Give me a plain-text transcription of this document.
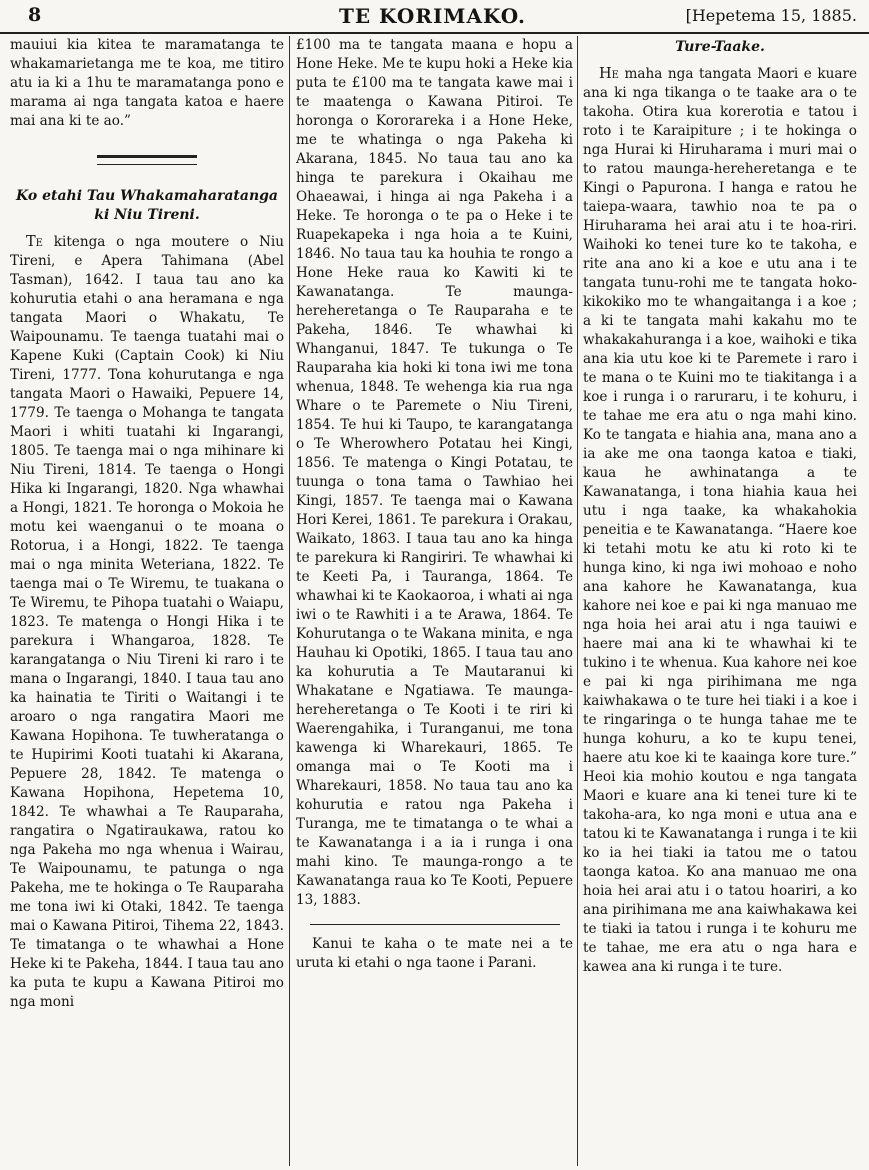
8	TE KORIMAKO.	[Hepetema 15, 1885.

mauiui kia kitea te maramatanga te whakamarietanga me te koa, me titiro atu ia ki a 1hu te maramatanga pono e marama ai nga tangata katoa e haere mai ana ki te ao.”

Ko etahi Tau Whakamaharatanga ki Niu Tireni.

Te kitenga o nga moutere o Niu Tireni, e Apera Tahimana (Abel Tasman), 1642. I taua tau ano ka kohurutia etahi o ana heramana e nga tangata Maori o Whakatu, Te Waipounamu. Te taenga tuatahi mai o Kapene Kuki (Captain Cook) ki Niu Tireni, 1777. Tona kohurutanga e nga tangata Maori o Hawaiki, Pepuere 14, 1779. Te taenga o Mohanga te tangata Maori i whiti tuatahi ki Ingarangi, 1805. Te taenga mai o nga mihinare ki Niu Tireni, 1814. Te taenga o Hongi Hika ki Ingarangi, 1820. Nga whawhai a Hongi, 1821. Te horonga o Mokoia he motu kei waenganui o te moana o Rotorua, i a Hongi, 1822. Te taenga mai o nga minita Weteriana, 1822. Te taenga mai o Te Wiremu, te tuakana o Te Wiremu, te Pihopa tuatahi o Waiapu, 1823. Te matenga o Hongi Hika i te parekura i Whangaroa, 1828. Te karangatanga o Niu Tireni ki raro i te mana o Ingarangi, 1840. I taua tau ano ka hainatia te Tiriti o Waitangi i te aroaro o nga rangatira Maori me Kawana Hopihona. Te tuwheratanga o te Hupirimi Kooti tuatahi ki Akarana, Pepuere 28, 1842. Te matenga o Kawana Hopihona, Hepetema 10, 1842. Te whawhai a Te Rauparaha, rangatira o Ngatiraukawa, ratou ko nga Pakeha mo nga whenua i Wairau, Te Waipounamu, te patunga o nga Pakeha, me te hokinga o Te Rauparaha me tona iwi ki Otaki, 1842. Te taenga mai o Kawana Pitiroi, Tihema 22, 1843. Te timatanga o te whawhai a Hone Heke ki te Pakeha, 1844. I taua tau ano ka puta te kupu a Kawana Pitiroi mo nga moni

£100 ma te tangata maana e hopu a Hone Heke. Me te kupu hoki a Heke kia puta te £100 ma te tangata kawe mai i te maatenga o Kawana Pitiroi. Te horonga o Kororareka i a Hone Heke, me te whatinga o nga Pakeha ki Akarana, 1845. No taua tau ano ka hinga te parekura i Okaihau me Ohaeawai, i hinga ai nga Pakeha i a Heke. Te horonga o te pa o Heke i te Ruapekapeka i nga hoia a te Kuini, 1846. No taua tau ka houhia te rongo a Hone Heke raua ko Kawiti ki te Kawanatanga. Te maunga-hereheretanga o Te Rauparaha e te Pakeha, 1846. Te whawhai ki Whanganui, 1847. Te tukunga o Te Rauparaha kia hoki ki tona iwi me tona whenua, 1848. Te wehenga kia rua nga Whare o te Paremete o Niu Tireni, 1854. Te hui ki Taupo, te karangatanga o Te Wherowhero Potatau hei Kingi, 1856. Te matenga o Kingi Potatau, te tuunga o tona tama o Tawhiao hei Kingi, 1857. Te taenga mai o Kawana Hori Kerei, 1861. Te parekura i Orakau, Waikato, 1863. I taua tau ano ka hinga te parekura ki Rangiriri. Te whawhai ki te Keeti Pa, i Tauranga, 1864. Te whawhai ki te Kaokaoroa, i whati ai nga iwi o te Rawhiti i a te Arawa, 1864. Te Kohurutanga o te Wakana minita, e nga Hauhau ki Opotiki, 1865. I taua tau ano ka kohurutia a Te Mautaranui ki Whakatane e Ngatiawa. Te maunga-hereheretanga o Te Kooti i te riri ki Waerengahika, i Turanganui, me tona kawenga ki Wharekauri, 1865. Te omanga mai o Te Kooti ma i Wharekauri, 1858. No taua tau ano ka kohurutia e ratou nga Pakeha i Turanga, me te timatanga o te whai a te Kawanatanga i a ia i runga i ona mahi kino. Te maunga-rongo a te Kawanatanga raua ko Te Kooti, Pepuere 13, 1883.

Kanui te kaha o te mate nei a te uruta ki etahi o nga taone i Parani.

Ture-Taake.

He maha nga tangata Maori e kuare ana ki nga tikanga o te taake ara o te takoha. Otira kua korerotia e tatou i roto i te Karaipiture ; i te hokinga o nga Hurai ki Hiruharama i muri mai o to ratou maunga-hereheretanga e te Kingi o Papurona. I hanga e ratou he taiepa-waara, tawhio noa te pa o Hiruharama hei arai atu i te hoa-riri. Waihoki ko tenei ture ko te takoha, e rite ana ano ki a koe e utu ana i te tangata tunu-rohi me te tangata hoko-kikokiko mo te whangaitanga i a koe ; a ki te tangata mahi kakahu mo te whakakahuranga i a koe, waihoki e tika ana kia utu koe ki te Paremete i raro i te mana o te Kuini mo te tiakitanga i a koe i runga i o raruraru, i te kohuru, i te tahae me era atu o nga mahi kino. Ko te tangata e hiahia ana, mana ano a ia ake me ona taonga katoa e tiaki, kaua he awhinatanga a te Kawanatanga, i tona hiahia kaua hei utu i nga taake, ka whakahokia peneitia e te Kawanatanga. “Haere koe ki tetahi motu ke atu ki roto ki te hunga kino, ki nga iwi mohoao e noho ana kahore he Kawanatanga, kua kahore nei koe e pai ki nga manuao me nga hoia hei arai atu i nga tauiwi e haere mai ana ki te whawhai ki te tukino i te whenua. Kua kahore nei koe e pai ki nga pirihimana me nga kaiwhakawa o te ture hei tiaki i a koe i te ringaringa o te hunga tahae me te hunga kohuru, a ko te kupu tenei, haere atu koe ki te kaainga kore ture.” Heoi kia mohio koutou e nga tangata Maori e kuare ana ki tenei ture ki te takoha-ara, ko nga moni e utua ana e tatou ki te Kawanatanga i runga i te kii ko ia hei tiaki ia tatou me o tatou taonga katoa. Ko ana manuao me ona hoia hei arai atu i o tatou hoariri, a ko ana pirihimana me ana kaiwhakawa kei te tiaki ia tatou i runga i te kohuru me te tahae, me era atu o nga hara e kawea ana ki runga i te ture.
